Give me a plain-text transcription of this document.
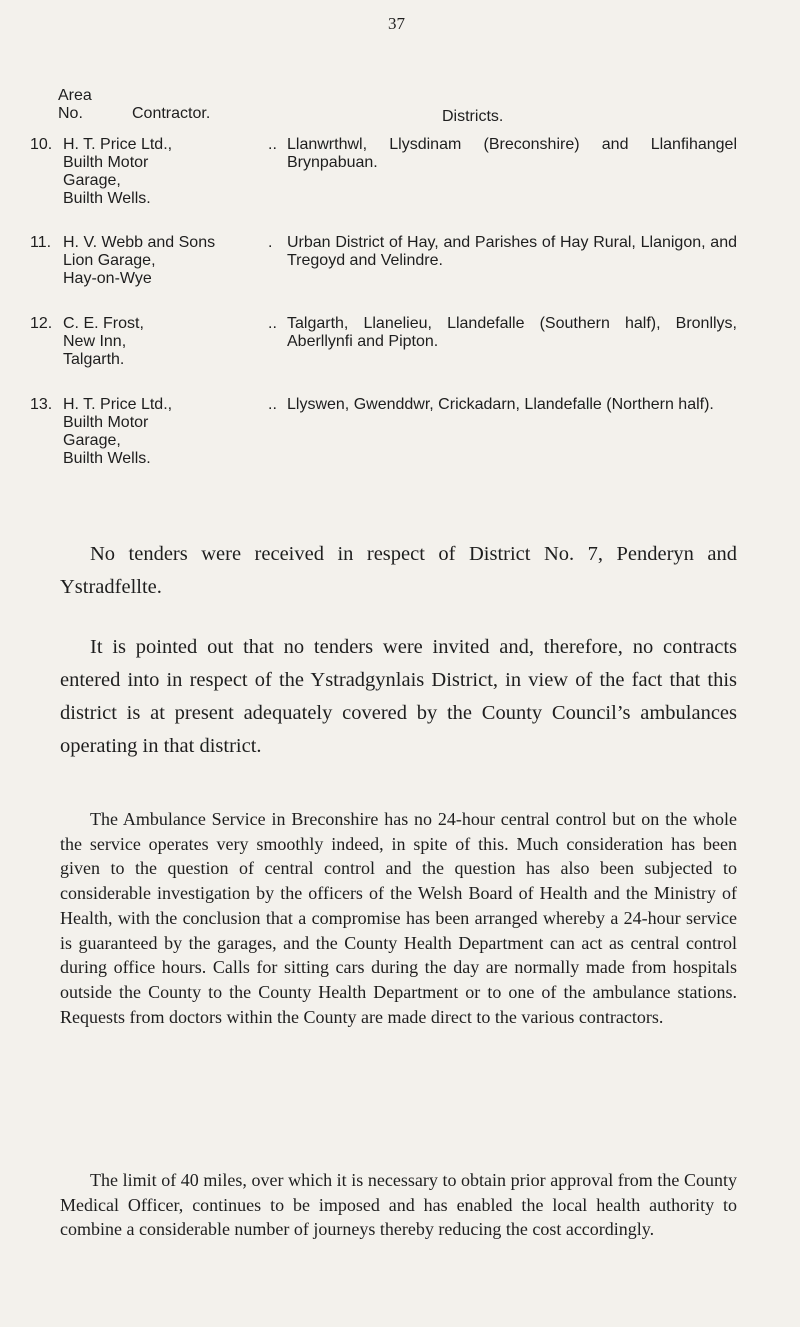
37
Area
No.	Contractor.	Districts.
10. H. T. Price Ltd.,
Builth Motor
Garage,
Builth Wells.
.. Llanwrthwl, Llysdinam (Breconshire) and Llanfihangel Brynpabuan.
11. H. V. Webb and Sons
Lion Garage,
Hay-on-Wye
. Urban District of Hay, and Parishes of Hay Rural, Llanigon, and Tregoyd and Velindre.
12. C. E. Frost,
New Inn,
Talgarth.
.. Talgarth, Llanelieu, Llandefalle (Southern half), Bronllys, Aberllynfi and Pipton.
13. H. T. Price Ltd.,
Builth Motor
Garage,
Builth Wells.
.. Llyswen, Gwenddwr, Crickadarn, Llandefalle (Northern half).

No tenders were received in respect of District No. 7, Penderyn and Ystradfellte.

It is pointed out that no tenders were invited and, therefore, no contracts entered into in respect of the Ystradgynlais District, in view of the fact that this district is at present adequately covered by the County Council’s ambulances operating in that district.

The Ambulance Service in Breconshire has no 24-hour central control but on the whole the service operates very smoothly indeed, in spite of this. Much consideration has been given to the question of central control and the question has also been subjected to considerable investigation by the officers of the Welsh Board of Health and the Ministry of Health, with the conclusion that a compromise has been arranged whereby a 24-hour service is guaranteed by the garages, and the County Health Department can act as central control during office hours. Calls for sitting cars during the day are normally made from hospitals outside the County to the County Health Department or to one of the ambulance stations. Requests from doctors within the County are made direct to the various contractors.

The limit of 40 miles, over which it is necessary to obtain prior approval from the County Medical Officer, continues to be imposed and has enabled the local health authority to combine a considerable number of journeys thereby reducing the cost accordingly.
